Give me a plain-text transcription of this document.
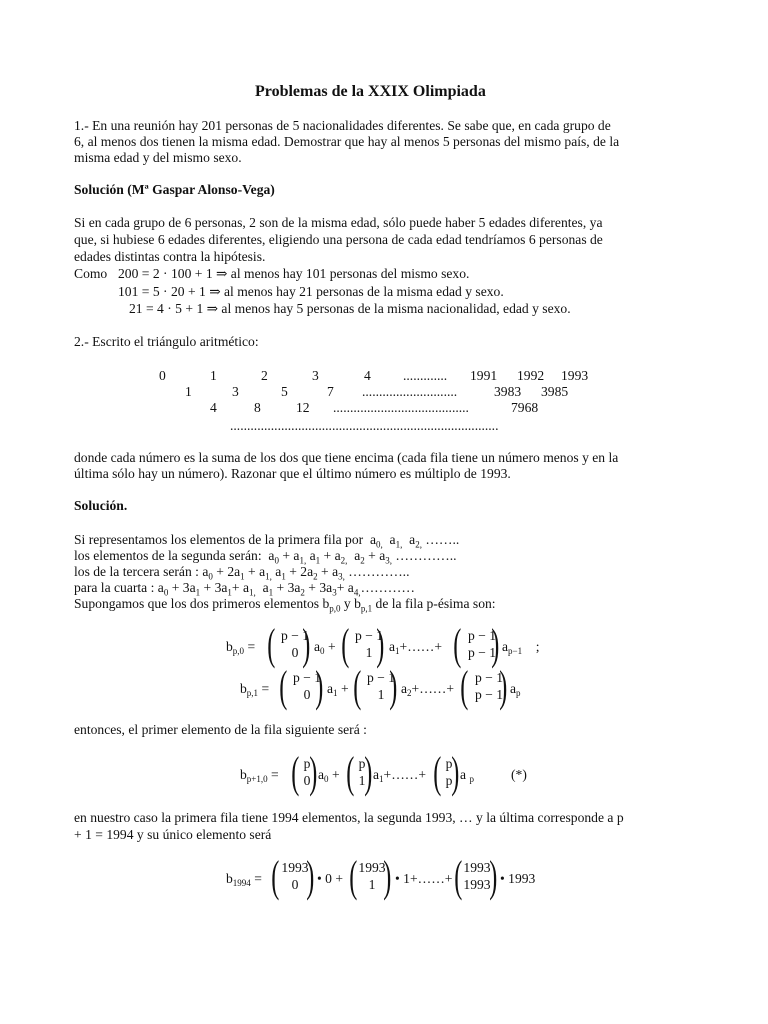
Problemas de la XXIX Olimpiada
1.- En una reunión hay 201 personas de 5 nacionalidades diferentes. Se sabe que, en cada grupo de
6, al menos dos tienen la misma edad. Demostrar que hay al menos 5 personas del mismo país, de la
misma edad y del mismo sexo.
Solución (Mª Gaspar Alonso-Vega)
Si en cada grupo de 6 personas, 2 son de la misma edad, sólo puede haber 5 edades diferentes, ya
que, si hubiese 6 edades diferentes, eligiendo una persona de cada edad tendríamos 6 personas de
edades distintas contra la hipótesis.
Como 200 = 2 · 100 + 1 ⇒ al menos hay 101 personas del mismo sexo.
101 = 5 · 20 + 1 ⇒ al menos hay 21 personas de la misma edad y sexo.
21 = 4 · 5 + 1 ⇒ al menos hay 5 personas de la misma nacionalidad, edad y sexo.
2.- Escrito el triángulo aritmético:
0	1	2	3	4 ............. 1991 1992 1993
1	3	5	7 ............................	3983 3985
4	8	12 ........................................	7968
...............................................................................
donde cada número es la suma de los dos que tiene encima (cada fila tiene un número menos y en la
última sólo hay un número). Razonar que el último número es múltiplo de 1993.
Solución.
Si representamos los elementos de la primera fila por  $a_{0,}$  $a_{1,}$  $a_{2,}$ ……..
los elementos de la segunda serán:  $a_0 + a_{1,}$ $a_1 + a_{2,}$  $a_2 + a_{3,}$ …………..
los de la tercera serán : $a_0 + 2a_1 + a_{1,}$ $a_1 + 2a_2 + a_{3,}$ …………..
para la cuarta : $a_0 + 3a_1 + 3a_1+ a_{1,}$  $a_1 + 3a_2 + 3a_3+$ $a_{4,}\dots\dots\dots\dots$
Supongamos que los dos primeros elementos $b_{p,0}$ y $b_{p,1}$ de la fila p-ésima son:
$b_{p,0}$ = ( p − 1
0 ) $a_0$ + ( p − 1
1 ) $a_1+\dots\dots+$ ( p − 1
p − 1
) $a_{p-1}$    ;
$b_{p,1}$ = ( p − 1
0 ) $a_1$ + ( p − 1
1 ) $a_2+\dots\dots+$ ( p − 1
p − 1
) $a_p$
entonces, el primer elemento de la fila siguiente será :
$b_{p+1,0}$ = ( p
0
) $a_0$ + ( p
1
) $a_1+\dots\dots+$ ( p
p
) a $_p$	(*)
en nuestro caso la primera fila tiene 1994 elementos, la segunda 1993, … y la última corresponde a p
+ 1 = 1994 y su único elemento será
$b_{1994}$ = ( 1993
0 ) • 0 + ( 1993
1 ) • 1+……+ ( 1993
1993
) • 1993
